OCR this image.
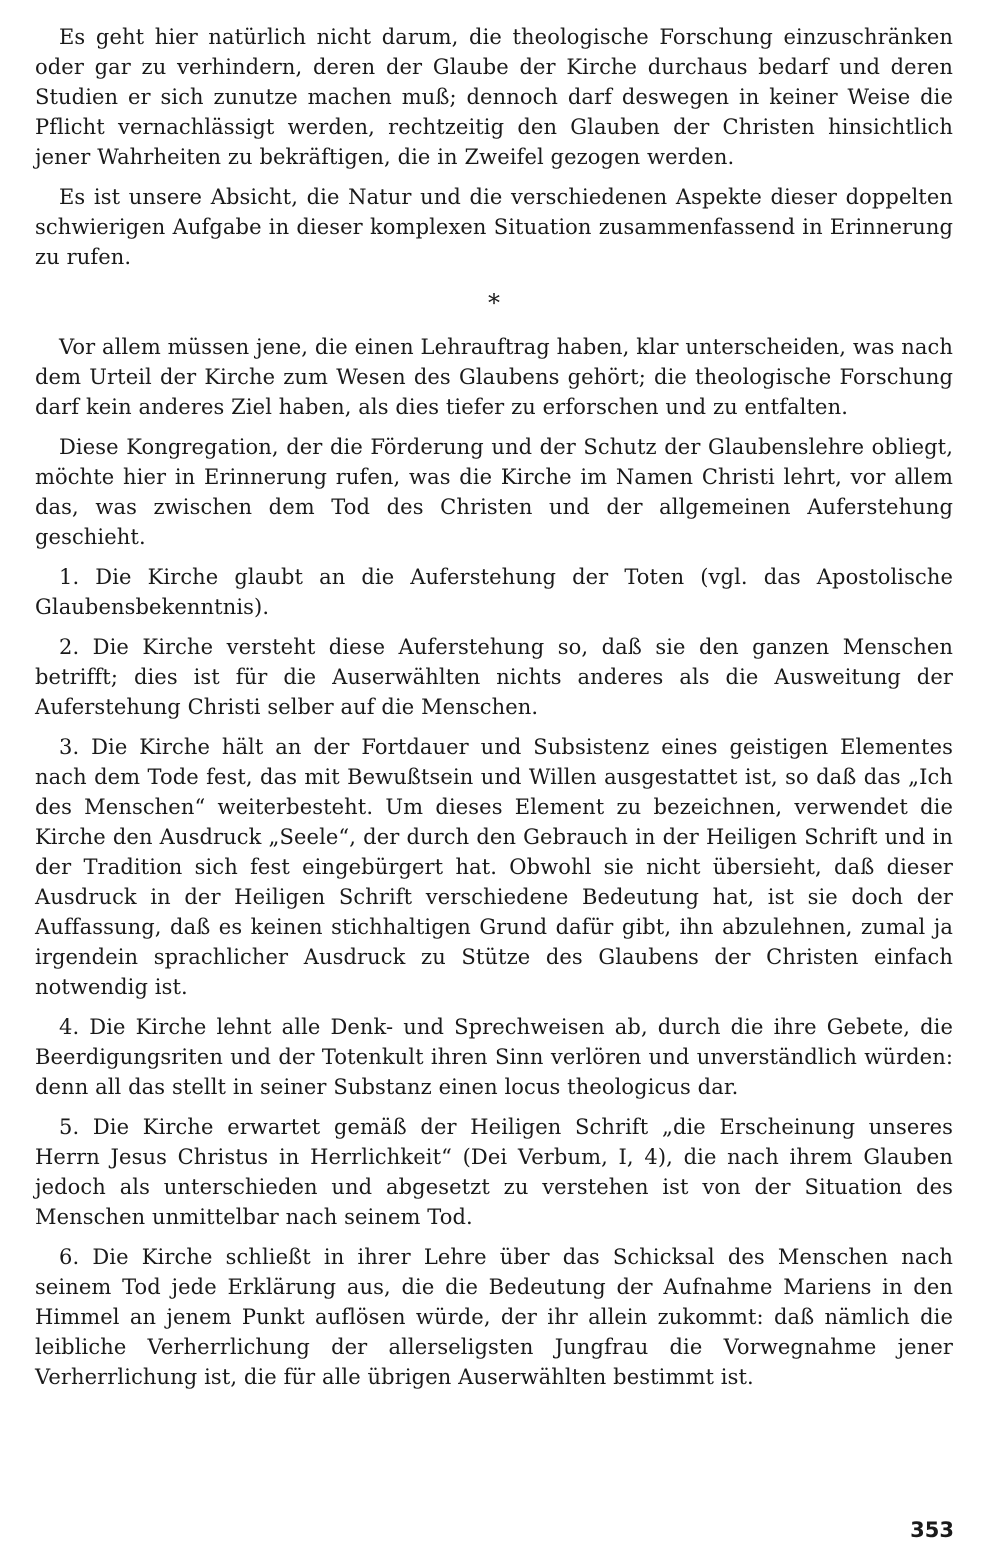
Es geht hier natürlich nicht darum, die theologische Forschung einzuschränken oder gar zu verhindern, deren der Glaube der Kirche durchaus bedarf und deren Studien er sich zunutze machen muß; dennoch darf deswegen in keiner Weise die Pflicht vernachlässigt werden, rechtzeitig den Glauben der Christen hinsichtlich jener Wahrheiten zu bekräftigen, die in Zweifel gezogen werden.

Es ist unsere Absicht, die Natur und die verschiedenen Aspekte dieser doppelten schwierigen Aufgabe in dieser komplexen Situation zusammenfassend in Erinnerung zu rufen.

*

Vor allem müssen jene, die einen Lehrauftrag haben, klar unterscheiden, was nach dem Urteil der Kirche zum Wesen des Glaubens gehört; die theologische Forschung darf kein anderes Ziel haben, als dies tiefer zu erforschen und zu entfalten.

Diese Kongregation, der die Förderung und der Schutz der Glaubenslehre obliegt, möchte hier in Erinnerung rufen, was die Kirche im Namen Christi lehrt, vor allem das, was zwischen dem Tod des Christen und der allgemeinen Auferstehung geschieht.

1. Die Kirche glaubt an die Auferstehung der Toten (vgl. das Apostolische Glaubensbekenntnis).

2. Die Kirche versteht diese Auferstehung so, daß sie den ganzen Menschen betrifft; dies ist für die Auserwählten nichts anderes als die Ausweitung der Auferstehung Christi selber auf die Menschen.

3. Die Kirche hält an der Fortdauer und Subsistenz eines geistigen Elementes nach dem Tode fest, das mit Bewußtsein und Willen ausgestattet ist, so daß das „Ich des Menschen“ weiterbesteht. Um dieses Element zu bezeichnen, verwendet die Kirche den Ausdruck „Seele“, der durch den Gebrauch in der Heiligen Schrift und in der Tradition sich fest eingebürgert hat. Obwohl sie nicht übersieht, daß dieser Ausdruck in der Heiligen Schrift verschiedene Bedeutung hat, ist sie doch der Auffassung, daß es keinen stichhaltigen Grund dafür gibt, ihn abzulehnen, zumal ja irgendein sprachlicher Ausdruck zu Stütze des Glaubens der Christen einfach notwendig ist.

4. Die Kirche lehnt alle Denk- und Sprechweisen ab, durch die ihre Gebete, die Beerdigungsriten und der Totenkult ihren Sinn verlören und unverständlich würden: denn all das stellt in seiner Substanz einen locus theologicus dar.

5. Die Kirche erwartet gemäß der Heiligen Schrift „die Erscheinung unseres Herrn Jesus Christus in Herrlichkeit“ (Dei Verbum, I, 4), die nach ihrem Glauben jedoch als unterschieden und abgesetzt zu verstehen ist von der Situation des Menschen unmittelbar nach seinem Tod.

6. Die Kirche schließt in ihrer Lehre über das Schicksal des Menschen nach seinem Tod jede Erklärung aus, die die Bedeutung der Aufnahme Mariens in den Himmel an jenem Punkt auflösen würde, der ihr allein zukommt: daß nämlich die leibliche Verherrlichung der allerseligsten Jungfrau die Vorwegnahme jener Verherrlichung ist, die für alle übrigen Auserwählten bestimmt ist.

353
